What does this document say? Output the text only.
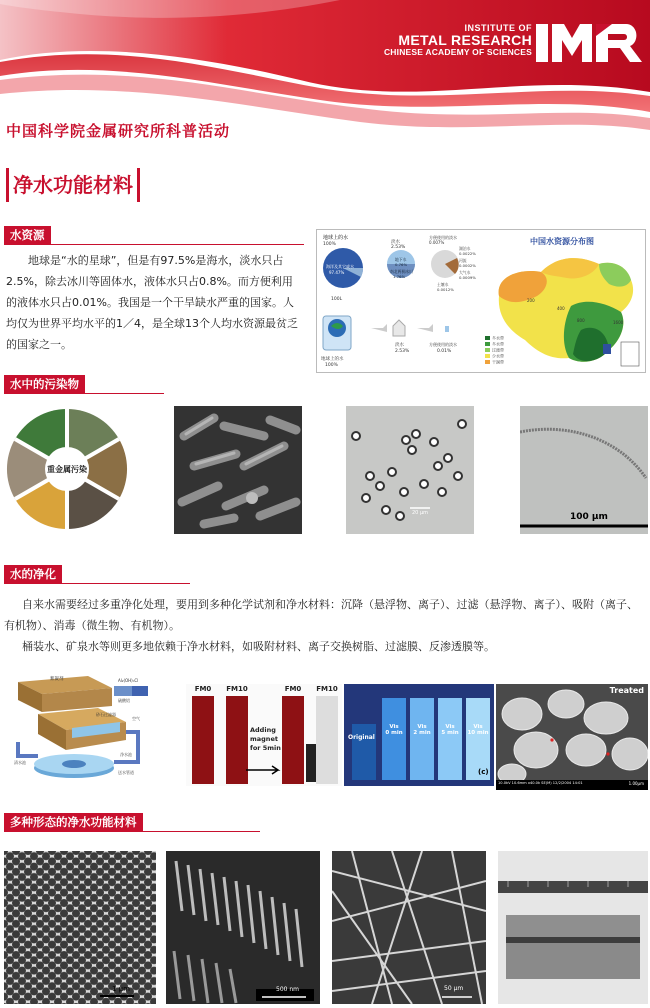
INSTITUTE OF
METAL RESEARCH
CHINESE ACADEMY OF SCIENCES
中国科学院金属研究所科普活动
净水功能材料
水资源
地球是“水的星球”，但是有97.5%是海水，淡水只占2.5%，除去冰川等固体水，液体水只占0.8%。而方便利用的液体水只占0.01%。我国是一个干旱缺水严重的国家。人均仅为世界平均水平的1／4，是全球13个人均水资源最贫乏的国家之一。
地球上的水
100%
海洋及其它咸水
97.47%
淡水
2.53%
地下水
0.76%
南北两极冰川
1.76%
方便使用的淡水
0.007%
湖泊水
0.0022%
河流
0.0002%
大气水
0.0009%
土壤水
0.0012%
100L
地球上的水
100%
淡水
2.53%
方便使用的淡水
0.01%
中国水资源分布图
多水带
多水带
过渡带
少水带
干涸带
200
400
800	1600
水中的污染物
重金属污染
20 μm	100 μm
水的净化
自来水需要经过多重净化处理，要用到多种化学试剂和净水材料：沉降（悬浮物、离子）、过滤（悬浮物、离子）、吸附（离子、有机物）、消毒（微生物、有机物）。
桶装水、矿泉水等则更多地依赖于净水材料，如吸附材料、离子交换树脂、过滤膜、反渗透膜等。
絮凝剂	Al₂(OH)ₙCl
硫酸铝
砂石过滤器
空气
清水池
净水池
送水管道
FM0	FM10	FM0	FM10
Adding
magnet
for 5min
Original
Vis
0 min
Vis
2 min
Vis
5 min
Vis
10 min
(c)
Treated
10.0kV 10.6mm x40.0k SE(M) 12/2/2004 14:01	1.00μm
多种形态的净水功能材料
1 μm	500 nm	50 μm
